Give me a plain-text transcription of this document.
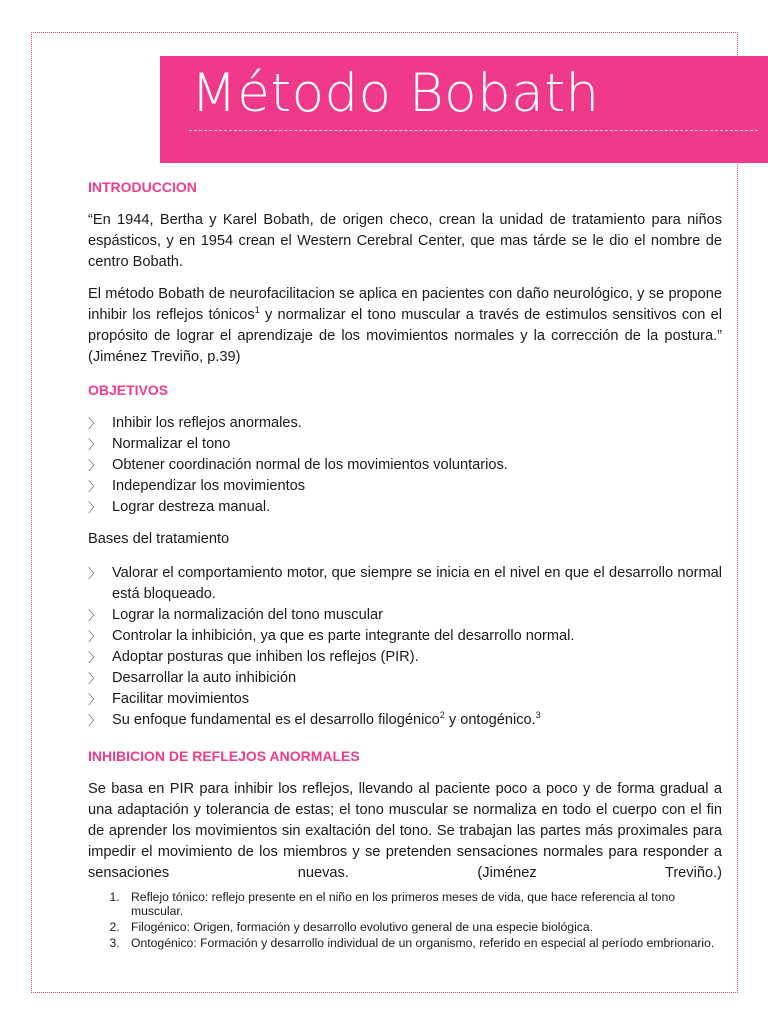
Método Bobath
INTRODUCCION

“En 1944, Bertha y Karel Bobath, de origen checo, crean la unidad de tratamiento para niños espásticos, y en 1954 crean el Western Cerebral Center, que mas tárde se le dio el nombre de centro Bobath.

El método Bobath de neurofacilitacion se aplica en pacientes con daño neurológico, y se propone inhibir los reflejos tónicos$^1$ y normalizar el tono muscular a través de estimulos sensitivos con el propósito de lograr el aprendizaje de los movimientos normales y la corrección de la postura.” (Jiménez Treviño, p.39)

OBJETIVOS
〉 Inhibir los reflejos anormales.
〉 Normalizar el tono
〉 Obtener coordinación normal de los movimientos voluntarios.
〉 Independizar los movimientos
〉 Lograr destreza manual.

Bases del tratamiento

〉 Valorar el comportamiento motor, que siempre se inicia en el nivel en que el desarrollo normal está bloqueado.
〉 Lograr la normalización del tono muscular
〉 Controlar la inhibición, ya que es parte integrante del desarrollo normal.
〉 Adoptar posturas que inhiben los reflejos (PIR).
〉 Desarrollar la auto inhibición
〉 Facilitar movimientos
〉 Su enfoque fundamental es el desarrollo filogénico$^2$ y ontogénico.$^3$
INHIBICION DE REFLEJOS ANORMALES

Se basa en PIR para inhibir los reflejos, llevando al paciente poco a poco y de forma gradual a una adaptación y tolerancia de estas; el tono muscular se normaliza en todo el cuerpo con el fin de aprender los movimientos sin exaltación del tono. Se trabajan las partes más proximales para impedir el movimiento de los miembros y se pretenden sensaciones normales para responder a sensaciones nuevas. (Jiménez Treviño.)

1. Reflejo tónico: reflejo presente en el niño en los primeros meses de vida, que hace referencia al tono muscular.
2. Filogénico: Origen, formación y desarrollo evolutivo general de una especie biológica.
3. Ontogénico: Formación y desarrollo individual de un organismo, referido en especial al período embrionario.
